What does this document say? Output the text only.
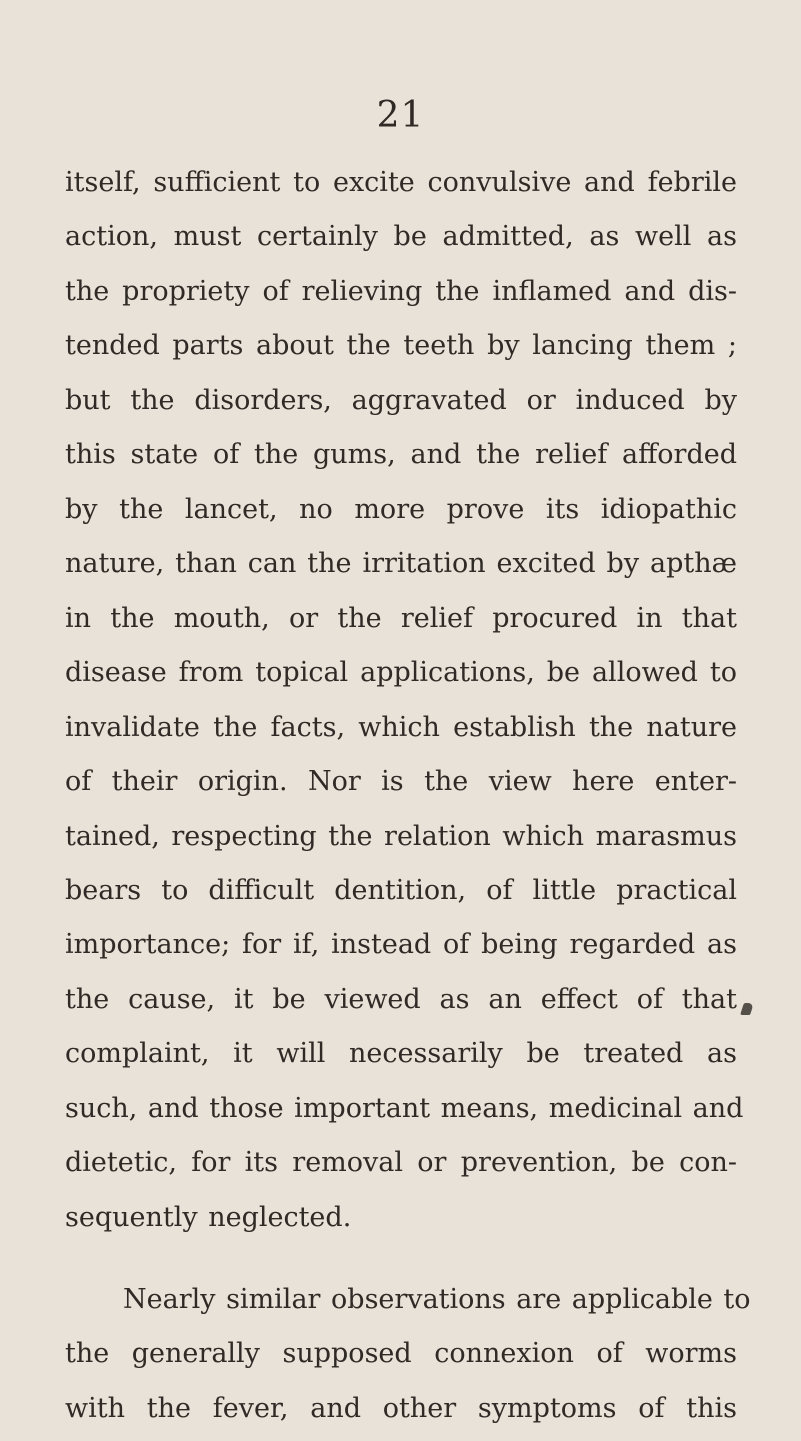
21
itself, sufficient to excite convulsive and febrile
action, must certainly be admitted, as well as
the propriety of relieving the inflamed and dis-
tended parts about the teeth by lancing them ;
but the disorders, aggravated or induced by
this state of the gums, and the relief afforded
by the lancet, no more prove its idiopathic
nature, than can the irritation excited by apthæ
in the mouth, or the relief procured in that
disease from topical applications, be allowed to
invalidate the facts, which establish the nature
of their origin. Nor is the view here enter-
tained, respecting the relation which marasmus
bears to difficult dentition, of little practical
importance; for if, instead of being regarded as
the cause, it be viewed as an effect of that
complaint, it will necessarily be treated as
such, and those important means, medicinal and
dietetic, for its removal or prevention, be con-
sequently neglected.
Nearly similar observations are applicable to
the generally supposed connexion of worms
with the fever, and other symptoms of this
